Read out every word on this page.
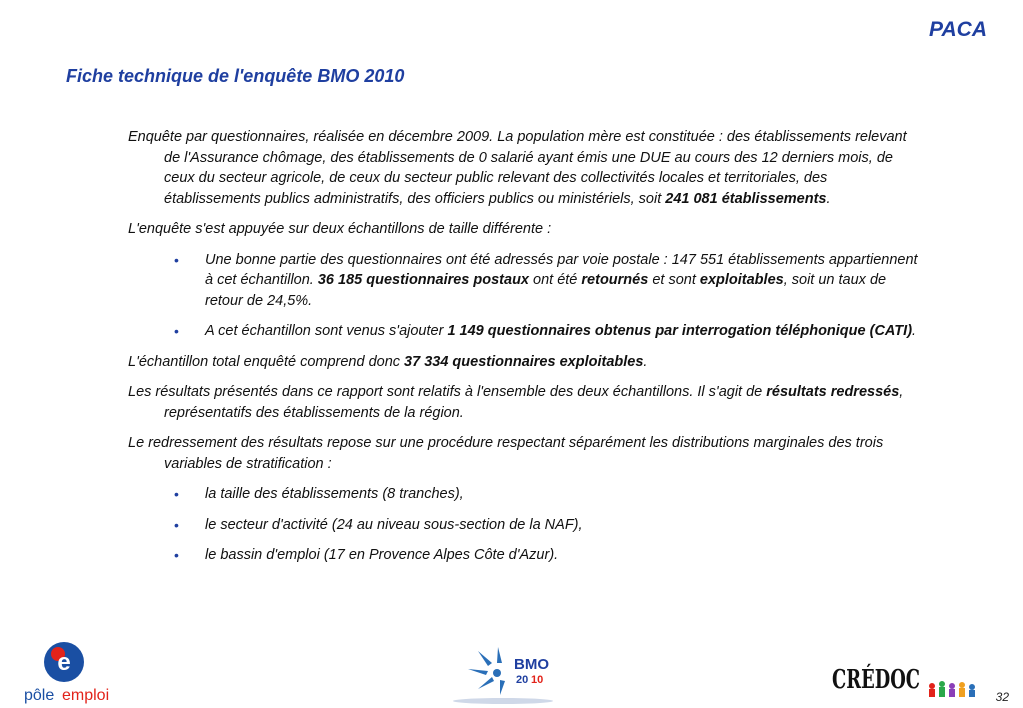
PACA
Fiche technique de l'enquête BMO 2010

Enquête par questionnaires, réalisée en décembre 2009. La population mère est constituée : des établissements relevant de l'Assurance chômage, des établissements de 0 salarié ayant émis une DUE au cours des 12 derniers mois, de ceux du secteur agricole, de ceux du secteur public relevant des collectivités locales et territoriales, des établissements publics administratifs, des officiers publics ou ministériels, soit 241 081 établissements.

L'enquête s'est appuyée sur deux échantillons de taille différente :

• Une bonne partie des questionnaires ont été adressés par voie postale : 147 551 établissements appartiennent à cet échantillon. 36 185 questionnaires postaux ont été retournés et sont exploitables, soit un taux de retour de 24,5%.
• A cet échantillon sont venus s'ajouter 1 149 questionnaires obtenus par interrogation téléphonique (CATI).

L'échantillon total enquêté comprend donc 37 334 questionnaires exploitables.

Les résultats présentés dans ce rapport sont relatifs à l'ensemble des deux échantillons. Il s'agit de résultats redressés, représentatifs des établissements de la région.

Le redressement des résultats repose sur une procédure respectant séparément les distributions marginales des trois variables de stratification :

• la taille des établissements (8 tranches),
• le secteur d'activité (24 au niveau sous-section de la NAF),
• le bassin d'emploi (17 en Provence Alpes Côte d'Azur).
e
pôle emploi
BMO
20 10	CRÉDOC
32
